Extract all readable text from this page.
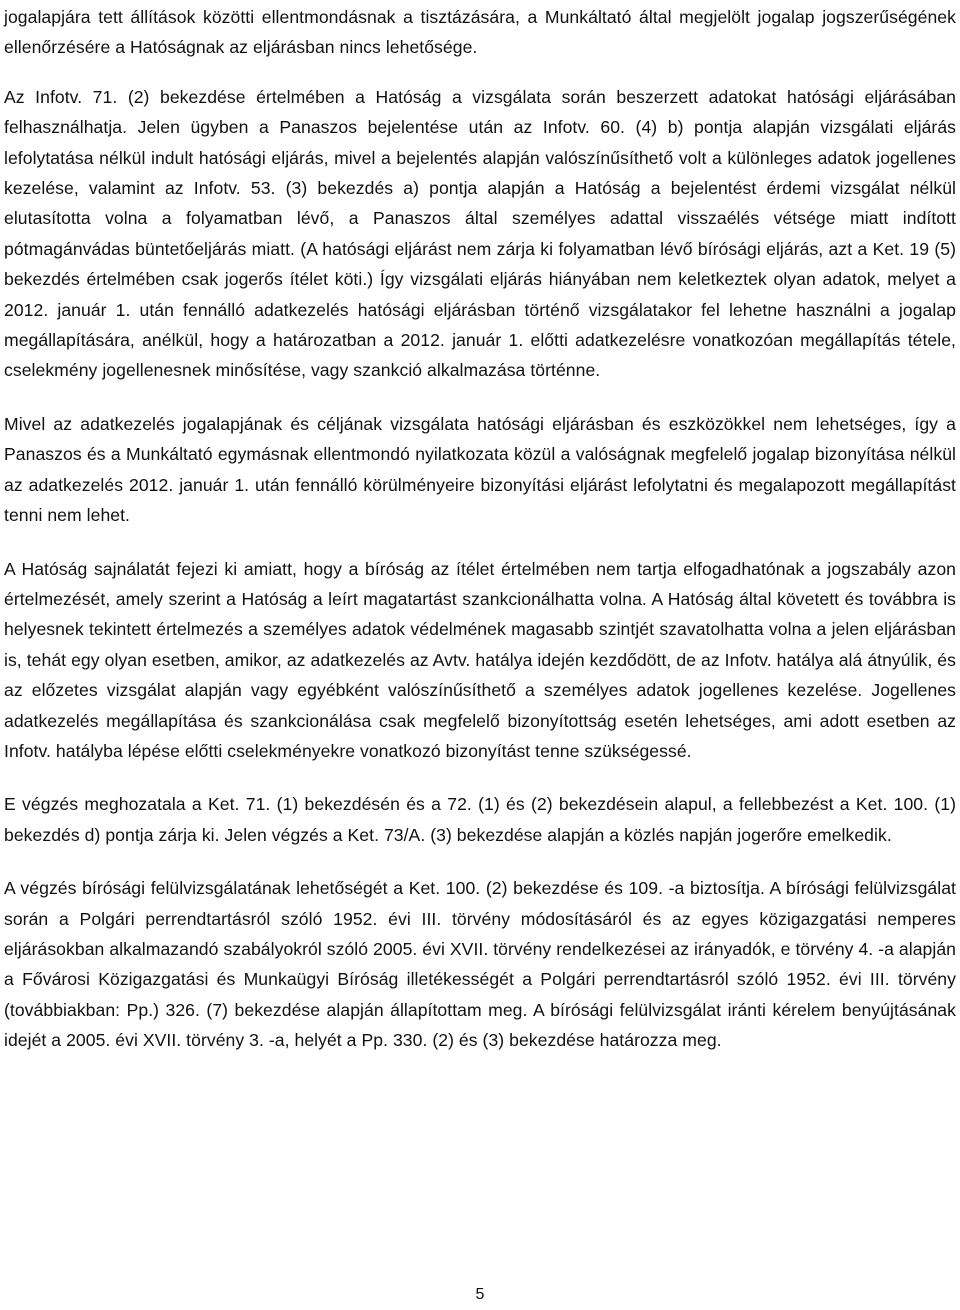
jogalapjára tett állítások közötti ellentmondásnak a tisztázására, a Munkáltató által megjelölt jogalap jogszerűségének ellenőrzésére a Hatóságnak az eljárásban nincs lehetősége.

Az Infotv. 71. (2) bekezdése értelmében a Hatóság a vizsgálata során beszerzett adatokat hatósági eljárásában felhasználhatja. Jelen ügyben a Panaszos bejelentése után az Infotv. 60. (4) b) pontja alapján vizsgálati eljárás lefolytatása nélkül indult hatósági eljárás, mivel a bejelentés alapján valószínűsíthető volt a különleges adatok jogellenes kezelése, valamint az Infotv. 53. (3) bekezdés a) pontja alapján a Hatóság a bejelentést érdemi vizsgálat nélkül elutasította volna a folyamatban lévő, a Panaszos által személyes adattal visszaélés vétsége miatt indított pótmagánvádas büntetőeljárás miatt. (A hatósági eljárást nem zárja ki folyamatban lévő bírósági eljárás, azt a Ket. 19 (5) bekezdés értelmében csak jogerős ítélet köti.) Így vizsgálati eljárás hiányában nem keletkeztek olyan adatok, melyet a 2012. január 1. után fennálló adatkezelés hatósági eljárásban történő vizsgálatakor fel lehetne használni a jogalap megállapítására, anélkül, hogy a határozatban a 2012. január 1. előtti adatkezelésre vonatkozóan megállapítás tétele, cselekmény jogellenesnek minősítése, vagy szankció alkalmazása történne.

Mivel az adatkezelés jogalapjának és céljának vizsgálata hatósági eljárásban és eszközökkel nem lehetséges, így a Panaszos és a Munkáltató egymásnak ellentmondó nyilatkozata közül a valóságnak megfelelő jogalap bizonyítása nélkül az adatkezelés 2012. január 1. után fennálló körülményeire bizonyítási eljárást lefolytatni és megalapozott megállapítást tenni nem lehet.

A Hatóság sajnálatát fejezi ki amiatt, hogy a bíróság az ítélet értelmében nem tartja elfogadhatónak a jogszabály azon értelmezését, amely szerint a Hatóság a leírt magatartást szankcionálhatta volna. A Hatóság által követett és továbbra is helyesnek tekintett értelmezés a személyes adatok védelmének magasabb szintjét szavatolhatta volna a jelen eljárásban is, tehát egy olyan esetben, amikor, az adatkezelés az Avtv. hatálya idején kezdődött, de az Infotv. hatálya alá átnyúlik, és az előzetes vizsgálat alapján vagy egyébként valószínűsíthető a személyes adatok jogellenes kezelése. Jogellenes adatkezelés megállapítása és szankcionálása csak megfelelő bizonyítottság esetén lehetséges, ami adott esetben az Infotv. hatályba lépése előtti cselekményekre vonatkozó bizonyítást tenne szükségessé.

E végzés meghozatala a Ket. 71. (1) bekezdésén és a 72. (1) és (2) bekezdésein alapul, a fellebbezést a Ket. 100. (1) bekezdés d) pontja zárja ki. Jelen végzés a Ket. 73/A. (3) bekezdése alapján a közlés napján jogerőre emelkedik.

A végzés bírósági felülvizsgálatának lehetőségét a Ket. 100. (2) bekezdése és 109. -a biztosítja. A bírósági felülvizsgálat során a Polgári perrendtartásról szóló 1952. évi III. törvény módosításáról és az egyes közigazgatási nemperes eljárásokban alkalmazandó szabályokról szóló 2005. évi XVII. törvény rendelkezései az irányadók, e törvény 4. -a alapján a Fővárosi Közigazgatási és Munkaügyi Bíróság illetékességét a Polgári perrendtartásról szóló 1952. évi III. törvény (továbbiakban: Pp.) 326. (7) bekezdése alapján állapítottam meg. A bírósági felülvizsgálat iránti kérelem benyújtásának idejét a 2005. évi XVII. törvény 3. -a, helyét a Pp. 330. (2) és (3) bekezdése határozza meg.

5
